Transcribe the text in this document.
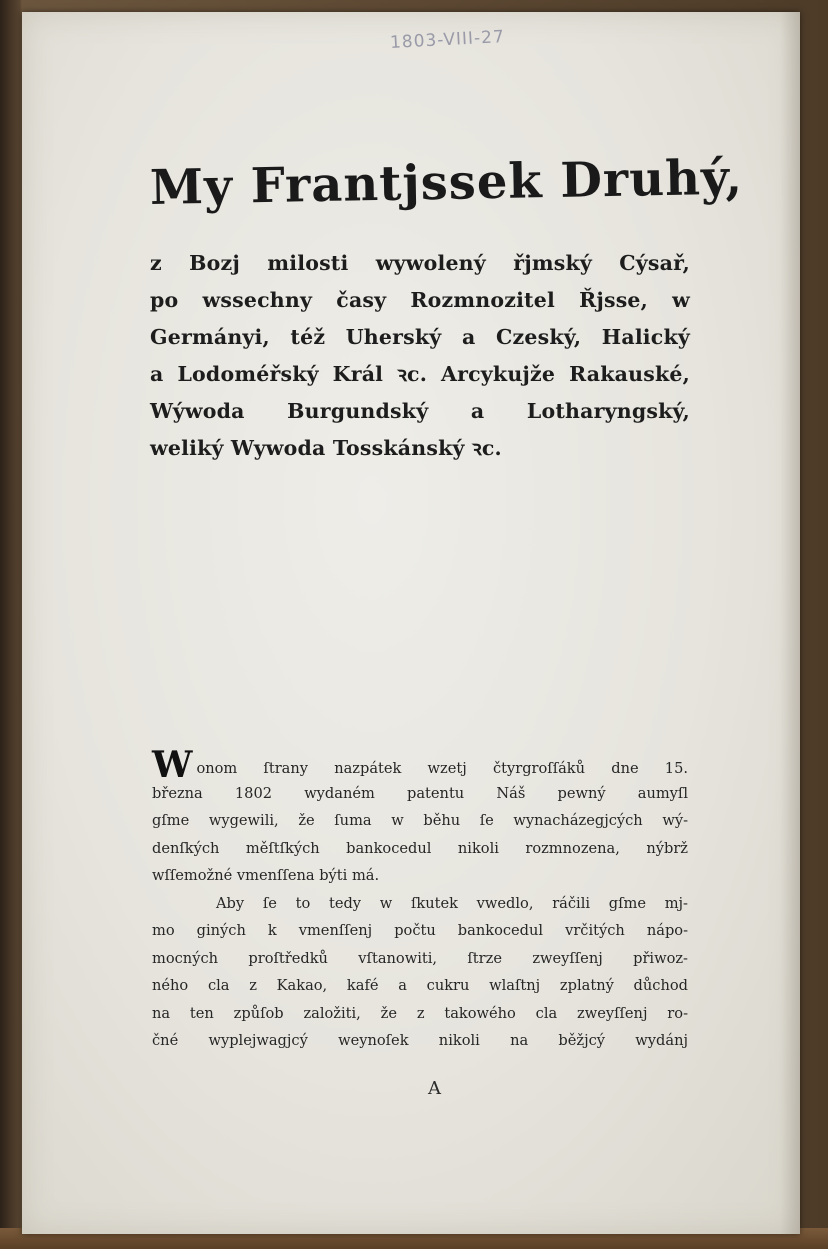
1803-VIII-27
My Frantjssek Druhý,
z Bozj milosti wywolený řjmský Cýsař,
po wssechny časy Rozmnozitel Řjsse, w
Germányi, též Uherský a Czeský, Halický
a Lodoméřský Král ꝛc. Arcykujže Rakauské,
Wýwoda Burgundský a Lotharyngský,
weliký Wywoda Tosskánský ꝛc.
Wonom ſtrany nazpátek wzetj čtyrgroſſáků dne 15.
března 1802 wydaném patentu Náš pewný aumyſl
gſme wygewili, že ſuma w běhu ſe wynacházegjcých wý-
denſkých měſtſkých bankocedul nikoli rozmnozena, nýbrž
wſſemožné vmenſſena býti má.
Aby ſe to tedy w ſkutek vwedlo, ráčili gſme mj-
mo giných k vmenſſenj počtu bankocedul vrčitých nápo-
mocných proſtředků vſtanowiti, ſtrze zweyſſenj přiwoz-
ného cla z Kakao, kafé a cukru wlaſtnj zplatný důchod
na ten způſob založiti, že z takowého cla zweyſſenj ro-
čné wyplejwagjcý weynoſek nikoli na běžjcý wydánj
A
